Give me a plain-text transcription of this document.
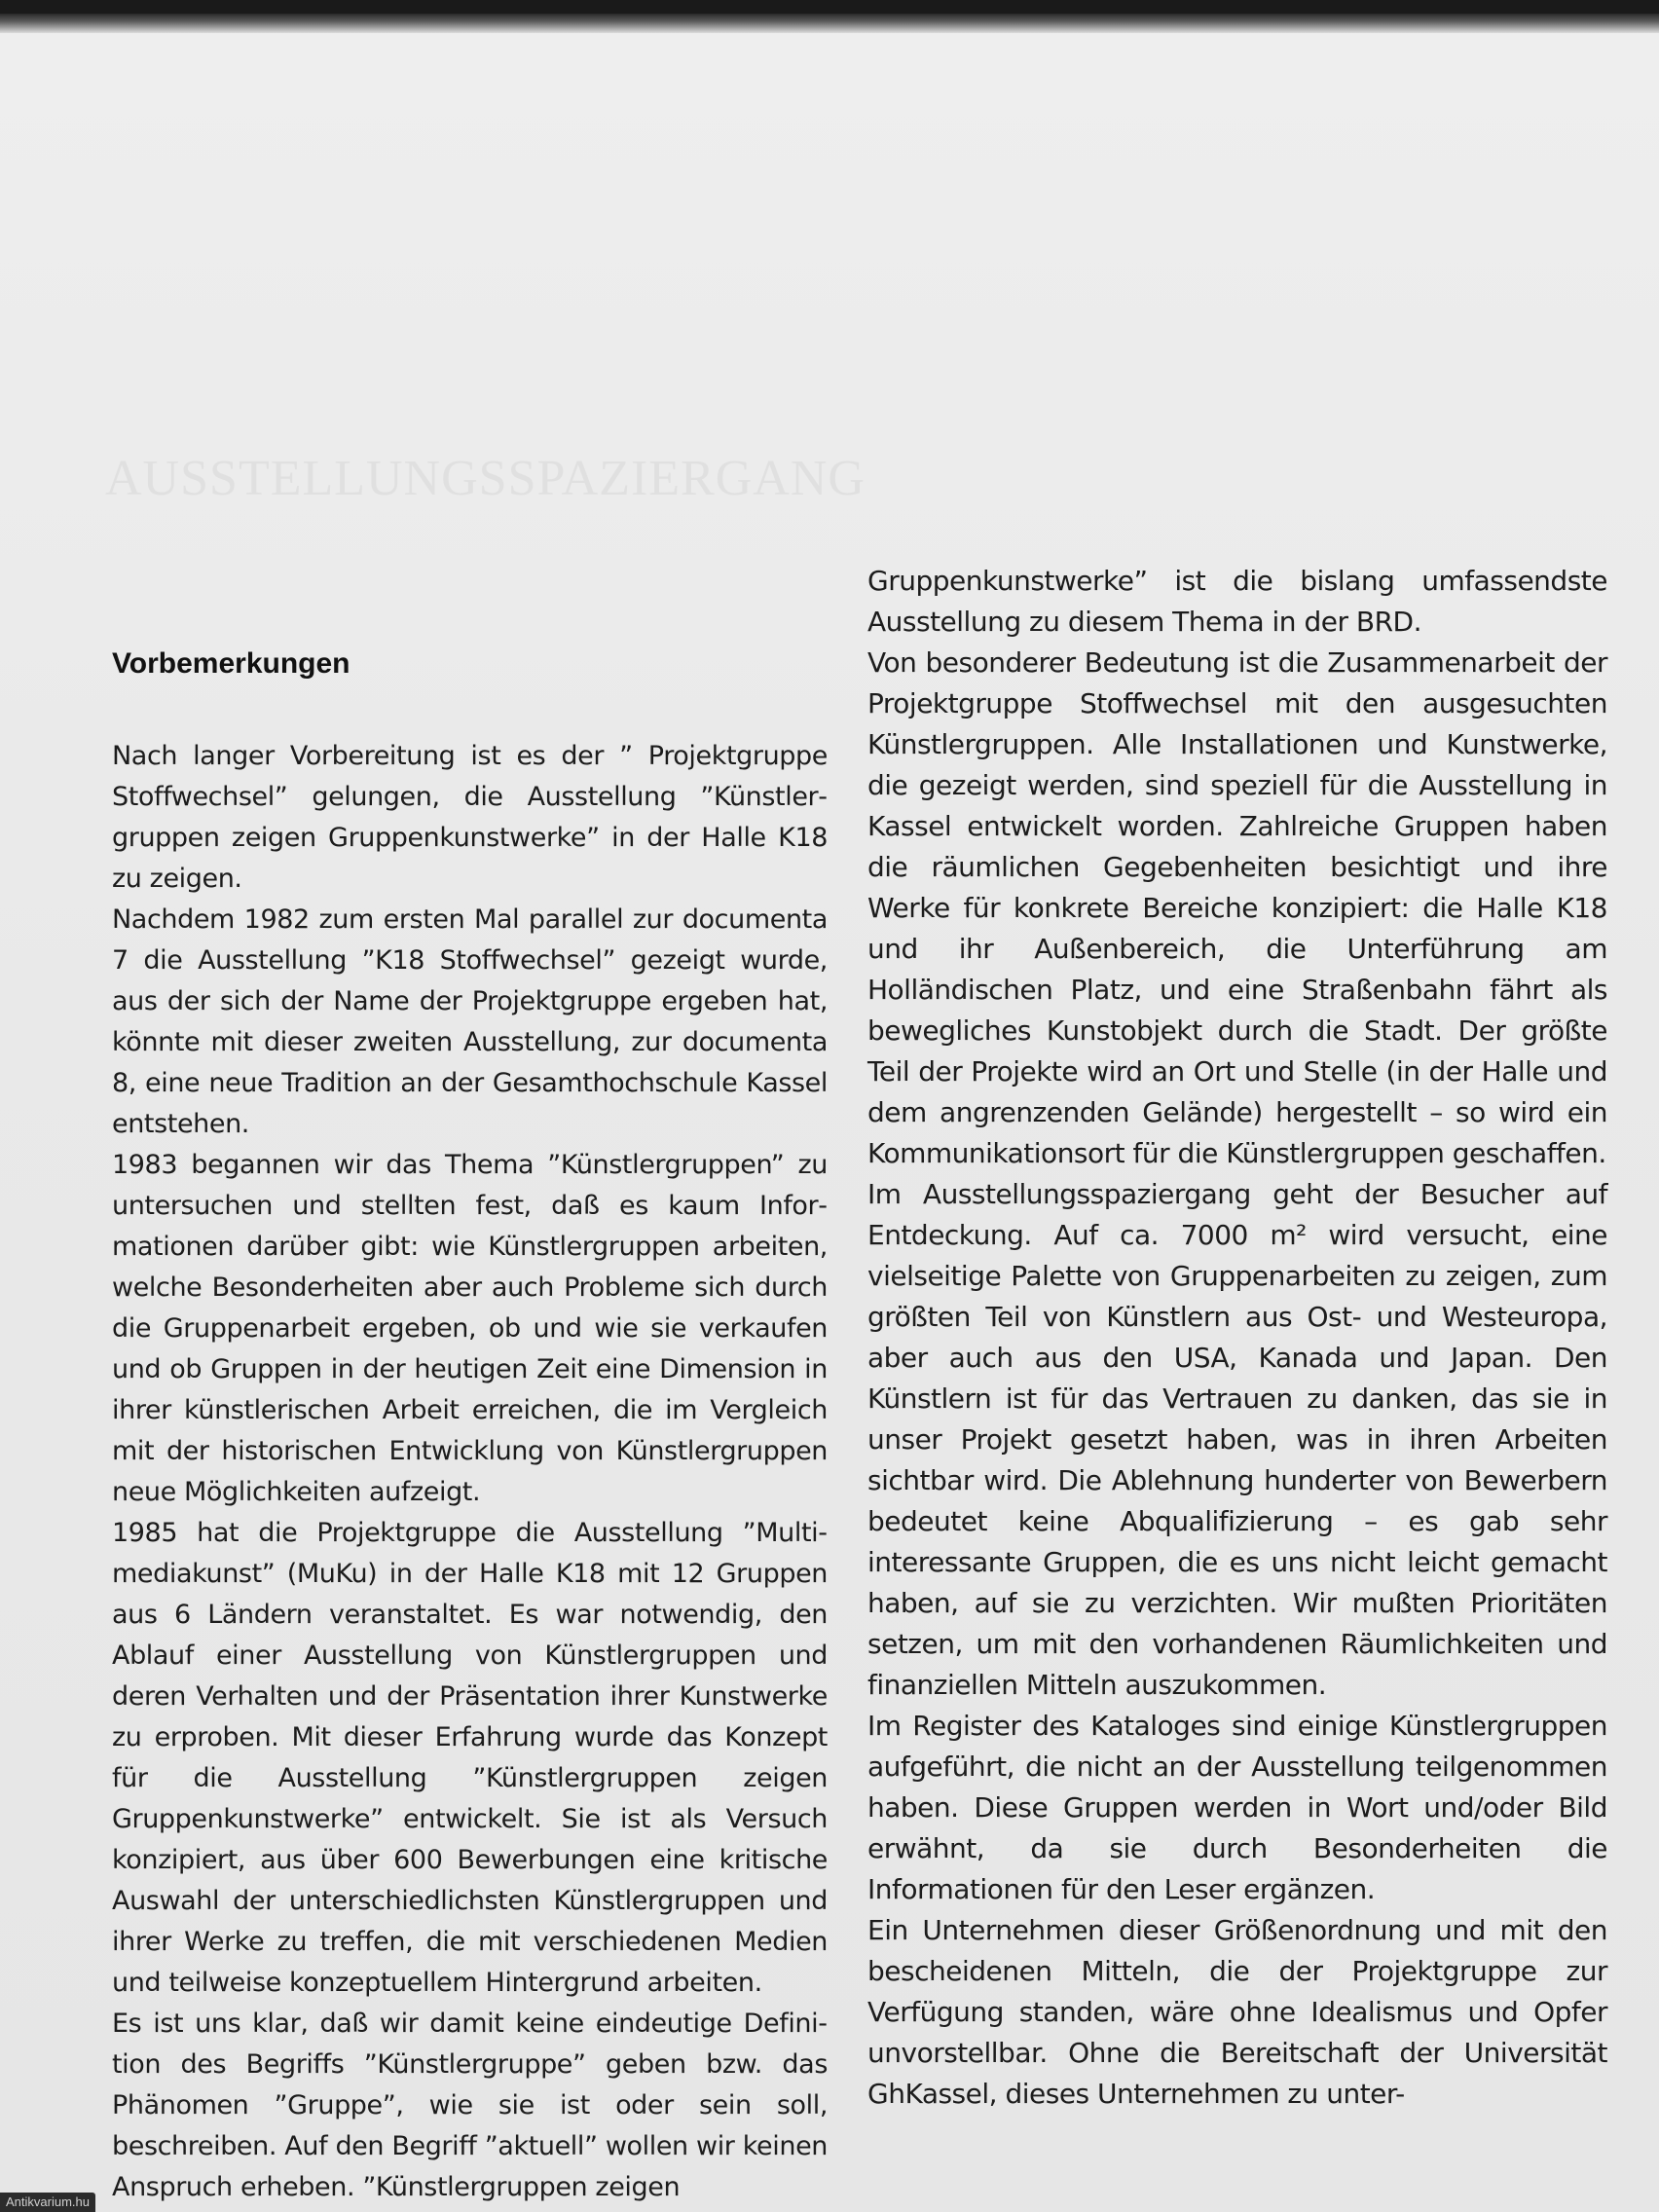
AUSSTELLUNGSSPAZIERGANG
Vorbemerkungen

Nach langer Vorbereitung ist es der ” Projektgruppe Stoffwechsel” gelungen, die Ausstellung ”Künstlergruppen zeigen Gruppenkunstwerke” in der Halle K18 zu zeigen.

Nachdem 1982 zum ersten Mal parallel zur documenta 7 die Ausstellung ”K18 Stoffwechsel” gezeigt wurde, aus der sich der Name der Projektgruppe ergeben hat, könnte mit dieser zweiten Ausstellung, zur documenta 8, eine neue Tradition an der Gesamthochschule Kassel entstehen.

1983 begannen wir das Thema ”Künstlergruppen” zu untersuchen und stellten fest, daß es kaum Informationen darüber gibt: wie Künstlergruppen arbeiten, welche Besonderheiten aber auch Probleme sich durch die Gruppenarbeit ergeben, ob und wie sie verkaufen und ob Gruppen in der heutigen Zeit eine Dimension in ihrer künstlerischen Arbeit erreichen, die im Vergleich mit der historischen Entwicklung von Künstlergruppen neue Möglichkeiten aufzeigt.

1985 hat die Projektgruppe die Ausstellung ”Multimediakunst” (MuKu) in der Halle K18 mit 12 Gruppen aus 6 Ländern veranstaltet. Es war notwendig, den Ablauf einer Ausstellung von Künstlergruppen und deren Verhalten und der Präsentation ihrer Kunstwerke zu erproben. Mit dieser Erfahrung wurde das Konzept für die Ausstellung ”Künstlergruppen zeigen Gruppenkunstwerke” entwickelt. Sie ist als Versuch konzipiert, aus über 600 Bewerbungen eine kritische Auswahl der unterschiedlichsten Künstlergruppen und ihrer Werke zu treffen, die mit verschiedenen Medien und teilweise konzeptuellem Hintergrund arbeiten.

Es ist uns klar, daß wir damit keine eindeutige Definition des Begriffs ”Künstlergruppe” geben bzw. das Phänomen ”Gruppe”, wie sie ist oder sein soll, beschreiben. Auf den Begriff ”aktuell” wollen wir keinen Anspruch erheben. ”Künstlergruppen zeigen

Gruppenkunstwerke” ist die bislang umfassendste Ausstellung zu diesem Thema in der BRD.

Von besonderer Bedeutung ist die Zusammenarbeit der Projektgruppe Stoffwechsel mit den ausgesuchten Künstlergruppen. Alle Installationen und Kunstwerke, die gezeigt werden, sind speziell für die Ausstellung in Kassel entwickelt worden. Zahlreiche Gruppen haben die räumlichen Gegebenheiten besichtigt und ihre Werke für konkrete Bereiche konzipiert: die Halle K18 und ihr Außenbereich, die Unterführung am Holländischen Platz, und eine Straßenbahn fährt als bewegliches Kunstobjekt durch die Stadt. Der größte Teil der Projekte wird an Ort und Stelle (in der Halle und dem angrenzenden Gelände) hergestellt – so wird ein Kommunikationsort für die Künstlergruppen geschaffen.

Im Ausstellungsspaziergang geht der Besucher auf Entdeckung. Auf ca. 7000 m² wird versucht, eine vielseitige Palette von Gruppenarbeiten zu zeigen, zum größten Teil von Künstlern aus Ost- und Westeuropa, aber auch aus den USA, Kanada und Japan. Den Künstlern ist für das Vertrauen zu danken, das sie in unser Projekt gesetzt haben, was in ihren Arbeiten sichtbar wird. Die Ablehnung hunderter von Bewerbern bedeutet keine Abqualifizierung – es gab sehr interessante Gruppen, die es uns nicht leicht gemacht haben, auf sie zu verzichten. Wir mußten Prioritäten setzen, um mit den vorhandenen Räumlichkeiten und finanziellen Mitteln auszukommen.

Im Register des Kataloges sind einige Künstlergruppen aufgeführt, die nicht an der Ausstellung teilgenommen haben. Diese Gruppen werden in Wort und/oder Bild erwähnt, da sie durch Besonderheiten die Informationen für den Leser ergänzen.

Ein Unternehmen dieser Größenordnung und mit den bescheidenen Mitteln, die der Projektgruppe zur Verfügung standen, wäre ohne Idealismus und Opfer unvorstellbar. Ohne die Bereitschaft der Universität GhKassel, dieses Unternehmen zu unter-

Antikvarium.hu
